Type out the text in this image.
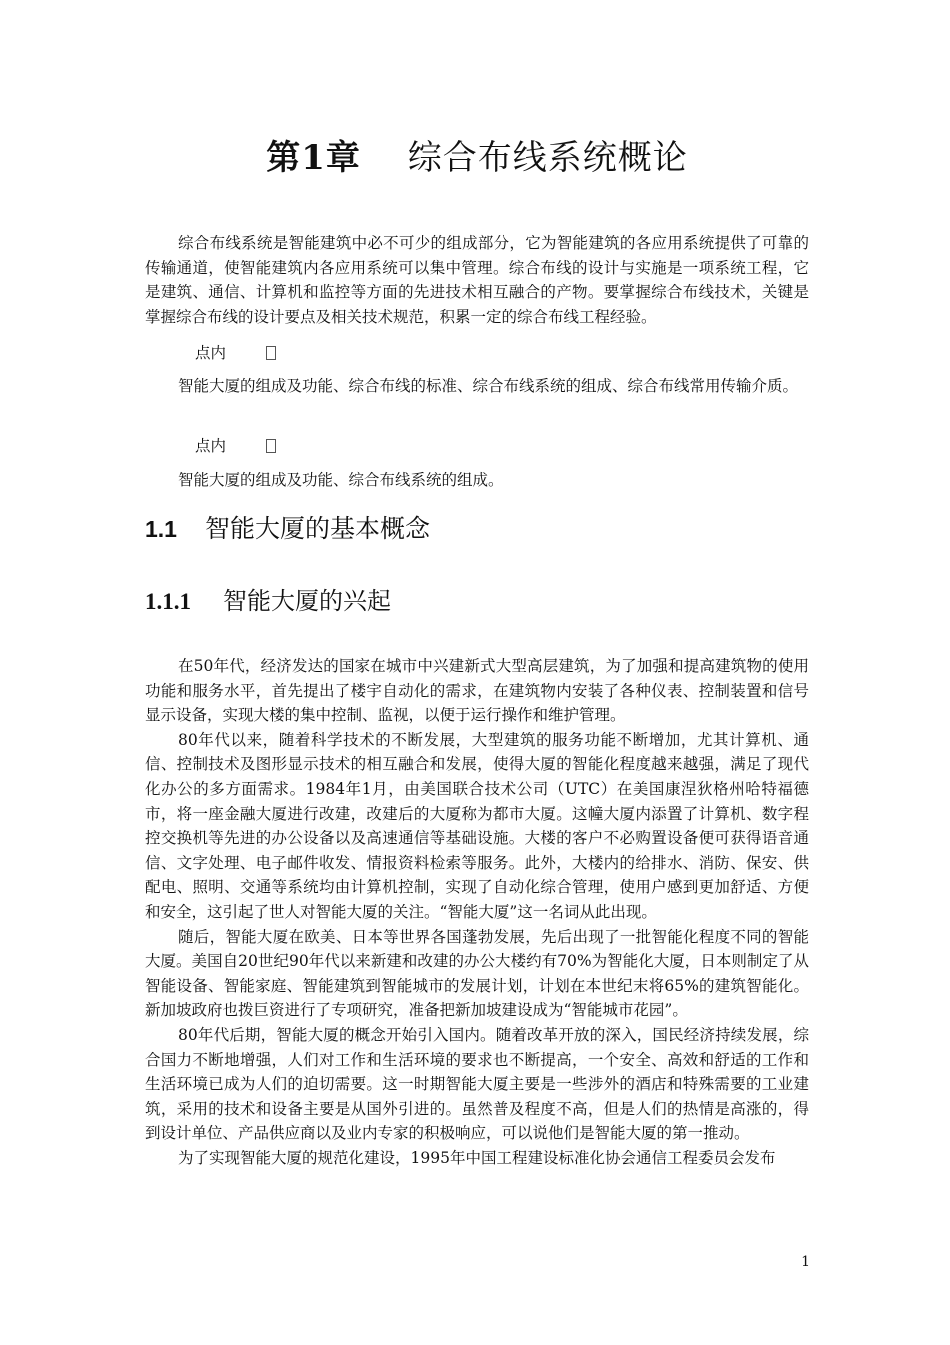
第1章　 综合布线系统概论

综合布线系统是智能建筑中必不可少的组成部分，它为智能建筑的各应用系统提供了可靠的传输通道，使智能建筑内各应用系统可以集中管理。综合布线的设计与实施是一项系统工程，它是建筑、通信、计算机和监控等方面的先进技术相互融合的产物。要掌握综合布线技术，关键是掌握综合布线的设计要点及相关技术规范，积累一定的综合布线工程经验。

点内

智能大厦的组成及功能、综合布线的标准、综合布线系统的组成、综合布线常用传输介质。

点内

智能大厦的组成及功能、综合布线系统的组成。

1.1 智能大厦的基本概念
1.1.1 智能大厦的兴起

在50年代，经济发达的国家在城市中兴建新式大型高层建筑，为了加强和提高建筑物的使用功能和服务水平，首先提出了楼宇自动化的需求，在建筑物内安装了各种仪表、控制装置和信号显示设备，实现大楼的集中控制、监视，以便于运行操作和维护管理。

80年代以来，随着科学技术的不断发展，大型建筑的服务功能不断增加，尤其计算机、通信、控制技术及图形显示技术的相互融合和发展，使得大厦的智能化程度越来越强，满足了现代化办公的多方面需求。1984年1月，由美国联合技术公司（UTC）在美国康涅狄格州哈特福德市，将一座金融大厦进行改建，改建后的大厦称为都市大厦。这幢大厦内添置了计算机、数字程控交换机等先进的办公设备以及高速通信等基础设施。大楼的客户不必购置设备便可获得语音通信、文字处理、电子邮件收发、情报资料检索等服务。此外，大楼内的给排水、消防、保安、供配电、照明、交通等系统均由计算机控制，实现了自动化综合管理，使用户感到更加舒适、方便和安全，这引起了世人对智能大厦的关注。“智能大厦”这一名词从此出现。

随后，智能大厦在欧美、日本等世界各国蓬勃发展，先后出现了一批智能化程度不同的智能大厦。美国自20世纪90年代以来新建和改建的办公大楼约有70%为智能化大厦，日本则制定了从智能设备、智能家庭、智能建筑到智能城市的发展计划，计划在本世纪末将65%的建筑智能化。新加坡政府也拨巨资进行了专项研究，准备把新加坡建设成为“智能城市花园”。

80年代后期，智能大厦的概念开始引入国内。随着改革开放的深入，国民经济持续发展，综合国力不断地增强，人们对工作和生活环境的要求也不断提高，一个安全、高效和舒适的工作和生活环境已成为人们的迫切需要。这一时期智能大厦主要是一些涉外的酒店和特殊需要的工业建筑，采用的技术和设备主要是从国外引进的。虽然普及程度不高，但是人们的热情是高涨的，得到设计单位、产品供应商以及业内专家的积极响应，可以说他们是智能大厦的第一推动。

为了实现智能大厦的规范化建设，1995年中国工程建设标准化协会通信工程委员会发布

1
